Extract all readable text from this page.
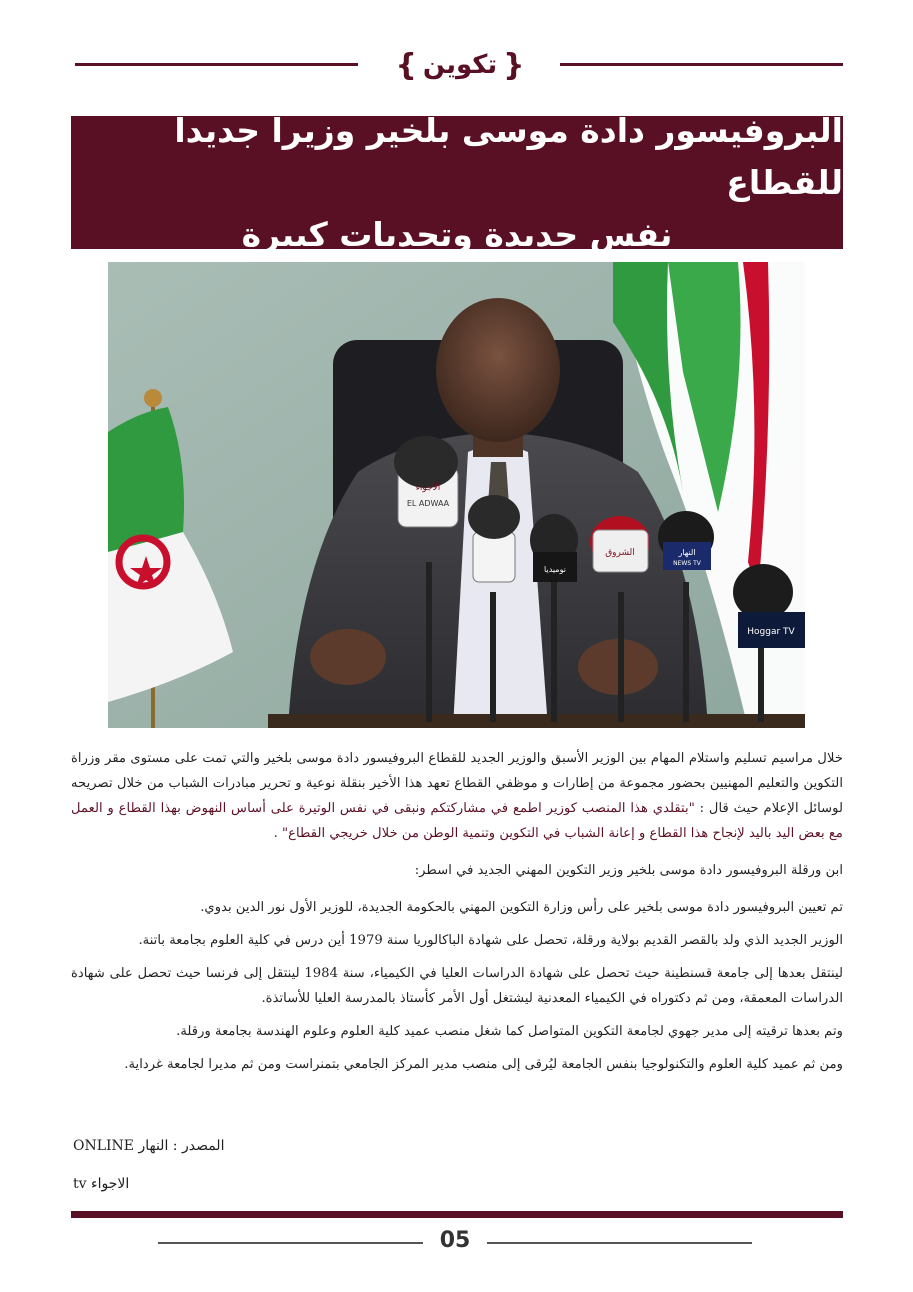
{ تكوين }
البروفيسور دادة موسى بلخير وزيرا جديدا للقطاع
نفس جديدة وتحديات كبيرة
الأجواء
EL ADWAA
نوميديا
الشروق	النهار
NEWS TV
Hoggar TV

خلال مراسيم تسليم واستلام المهام بين الوزير الأسبق والوزير الجديد للقطاع البروفيسور دادة موسى بلخير والتي تمت على مستوى مقر وزراة التكوين والتعليم المهنيين بحضور مجموعة من إطارات و موظفي القطاع تعهد هذا الأخير بنقلة نوعية و تحرير مبادرات الشباب من خلال تصريحه لوسائل الإعلام حيث قال : "بتقلدي هذا المنصب كوزير اطمع في مشاركتكم ونبقى في نفس الوتيرة على أساس النهوض بهذا القطاع و العمل مع بعض اليد باليد لإنجاح هذا القطاع و إعانة الشباب في التكوين وتنمية الوطن من خلال خريجي القطاع" .

ابن ورقلة البروفيسور دادة موسى بلخير وزير التكوين المهني الجديد في اسطر:

تم تعيين البروفيسور دادة موسى بلخير على رأس وزارة التكوين المهني بالحكومة الجديدة، للوزير الأول نور الدين بدوي.

الوزير الجديد الذي ولد بالقصر القديم بولاية ورقلة، تحصل على شهادة الباكالوريا سنة 1979 أين درس في كلية العلوم بجامعة باتنة.

لينتقل بعدها إلى جامعة قسنطينة حيث تحصل على شهادة الدراسات العليا في الكيمياء، سنة 1984 لينتقل إلى فرنسا حيث تحصل على شهادة الدراسات المعمقة، ومن ثم دكتوراه في الكيمياء المعدنية ليشتغل أول الأمر كأستاذ بالمدرسة العليا للأساتذة.

وتم بعدها ترقيته إلى مدير جهوي لجامعة التكوين المتواصل كما شغل منصب عميد كلية العلوم وعلوم الهندسة بجامعة ورقلة.

ومن ثم عميد كلية العلوم والتكنولوجيا بنفس الجامعة ليُرقى إلى منصب مدير المركز الجامعي بتمنراست ومن ثم مديرا لجامعة غرداية.

المصدر : النهار ONLINE
الاجواء tv
05
